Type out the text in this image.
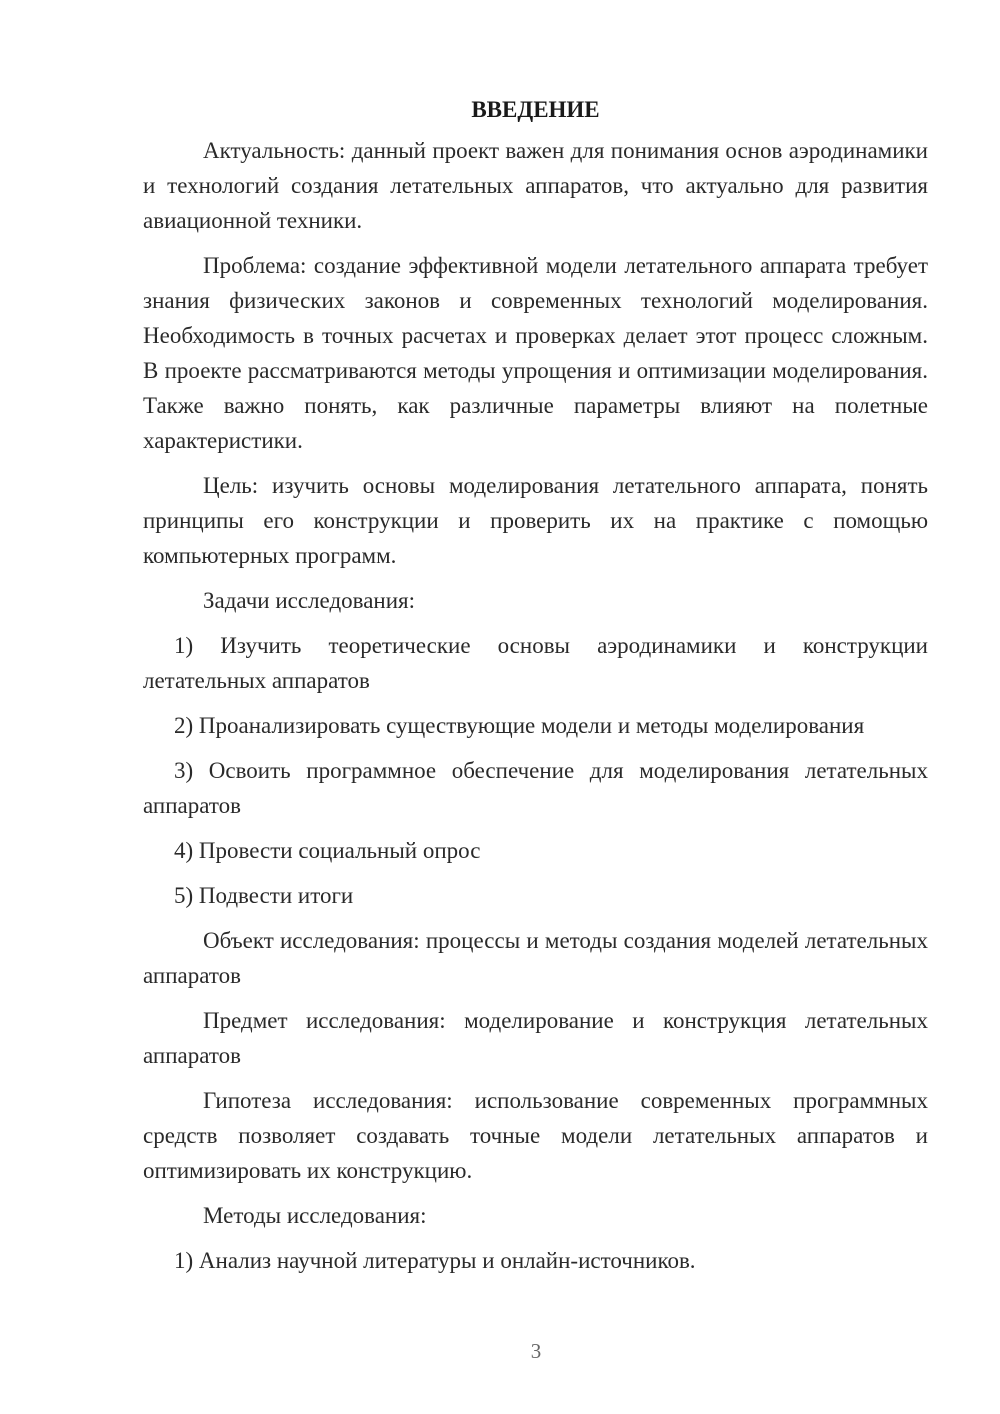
ВВЕДЕНИЕ

Актуальность: данный проект важен для понимания основ аэродинамики и технологий создания летательных аппаратов, что актуально для развития авиационной техники.

Проблема: создание эффективной модели летательного аппарата требует знания физических законов и современных технологий моделирования. Необходимость в точных расчетах и проверках делает этот процесс сложным. В проекте рассматриваются методы упрощения и оптимизации моделирования. Также важно понять, как различные параметры влияют на полетные характеристики.

Цель: изучить основы моделирования летательного аппарата, понять принципы его конструкции и проверить их на практике с помощью компьютерных программ.

Задачи исследования:

1) Изучить теоретические основы аэродинамики и конструкции летательных аппаратов

2) Проанализировать существующие модели и методы моделирования

3) Освоить программное обеспечение для моделирования летательных аппаратов

4) Провести социальный опрос

5) Подвести итоги

Объект исследования: процессы и методы создания моделей летательных аппаратов

Предмет исследования: моделирование и конструкция летательных аппаратов

Гипотеза исследования: использование современных программных средств позволяет создавать точные модели летательных аппаратов и оптимизировать их конструкцию.

Методы исследования:

1) Анализ научной литературы и онлайн-источников.

3
